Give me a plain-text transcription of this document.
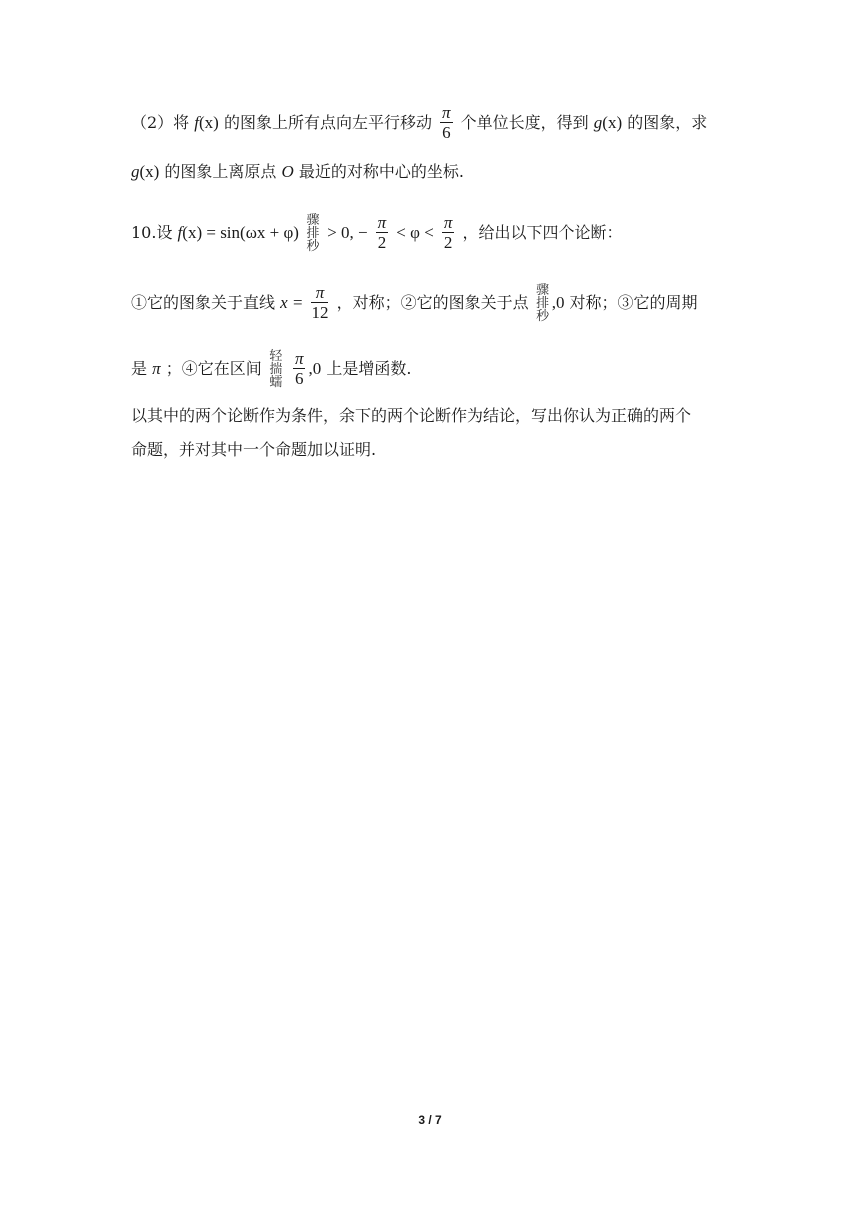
（2）将 f(x) 的图象上所有点向左平行移动 $\frac{\pi}{6}$ 个单位长度，得到 g(x) 的图象，求
g(x) 的图象上离原点 O 最近的对称中心的坐标.
10.设 f(x) = sin(ωx + φ)
骤
排
秒
> 0, − $\frac{\pi}{2} < \varphi < \frac{\pi}{2}$ ，给出以下四个论断：
①它的图象关于直线 $x = \frac{\pi}{12}$ ，对称；②它的图象关于点
骤
排
秒
,0 对称；③它的周期
是 π ；④它在区间
轻
揣
蠕
$\frac{\pi}{6} ,0$ 上是增函数.
以其中的两个论断作为条件，余下的两个论断作为结论，写出你认为正确的两个
命题，并对其中一个命题加以证明.
3 / 7
